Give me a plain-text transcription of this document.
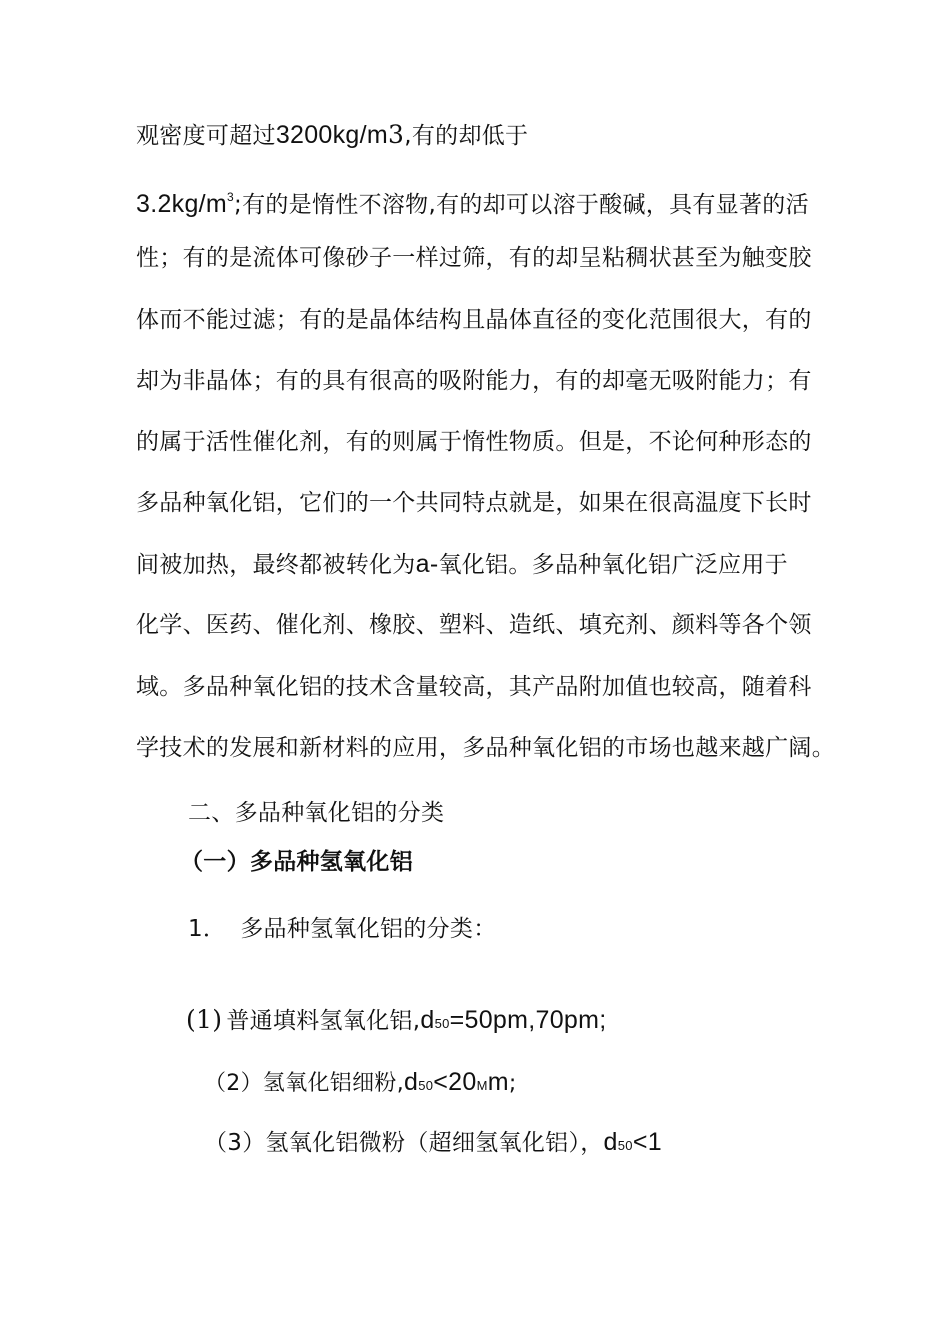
观密度可超过3200kg/m3,有的却低于
$3.2kg/m^3$;有的是惰性不溶物,有的却可以溶于酸碱，具有显著的活
性；有的是流体可像砂子一样过筛，有的却呈粘稠状甚至为触变胶
体而不能过滤；有的是晶体结构且晶体直径的变化范围很大，有的
却为非晶体；有的具有很高的吸附能力，有的却毫无吸附能力；有
的属于活性催化剂，有的则属于惰性物质。但是，不论何种形态的
多品种氧化铝，它们的一个共同特点就是，如果在很高温度下长时
间被加热，最终都被转化为a-氧化铝。多品种氧化铝广泛应用于
化学、医药、催化剂、橡胶、塑料、造纸、填充剂、颜料等各个领
域。多品种氧化铝的技术含量较高，其产品附加值也较高，随着科
学技术的发展和新材料的应用，多品种氧化铝的市场也越来越广阔。
二、多品种氧化铝的分类
（一）多品种氢氧化铝
1． 多品种氢氧化铝的分类：
(1) 普通填料氢氧化铝,d50=50pm,70pm;
（2）氢氧化铝细粉,d50<20Mm;
（3）氢氧化铝微粉（超细氢氧化铝），d50<1
